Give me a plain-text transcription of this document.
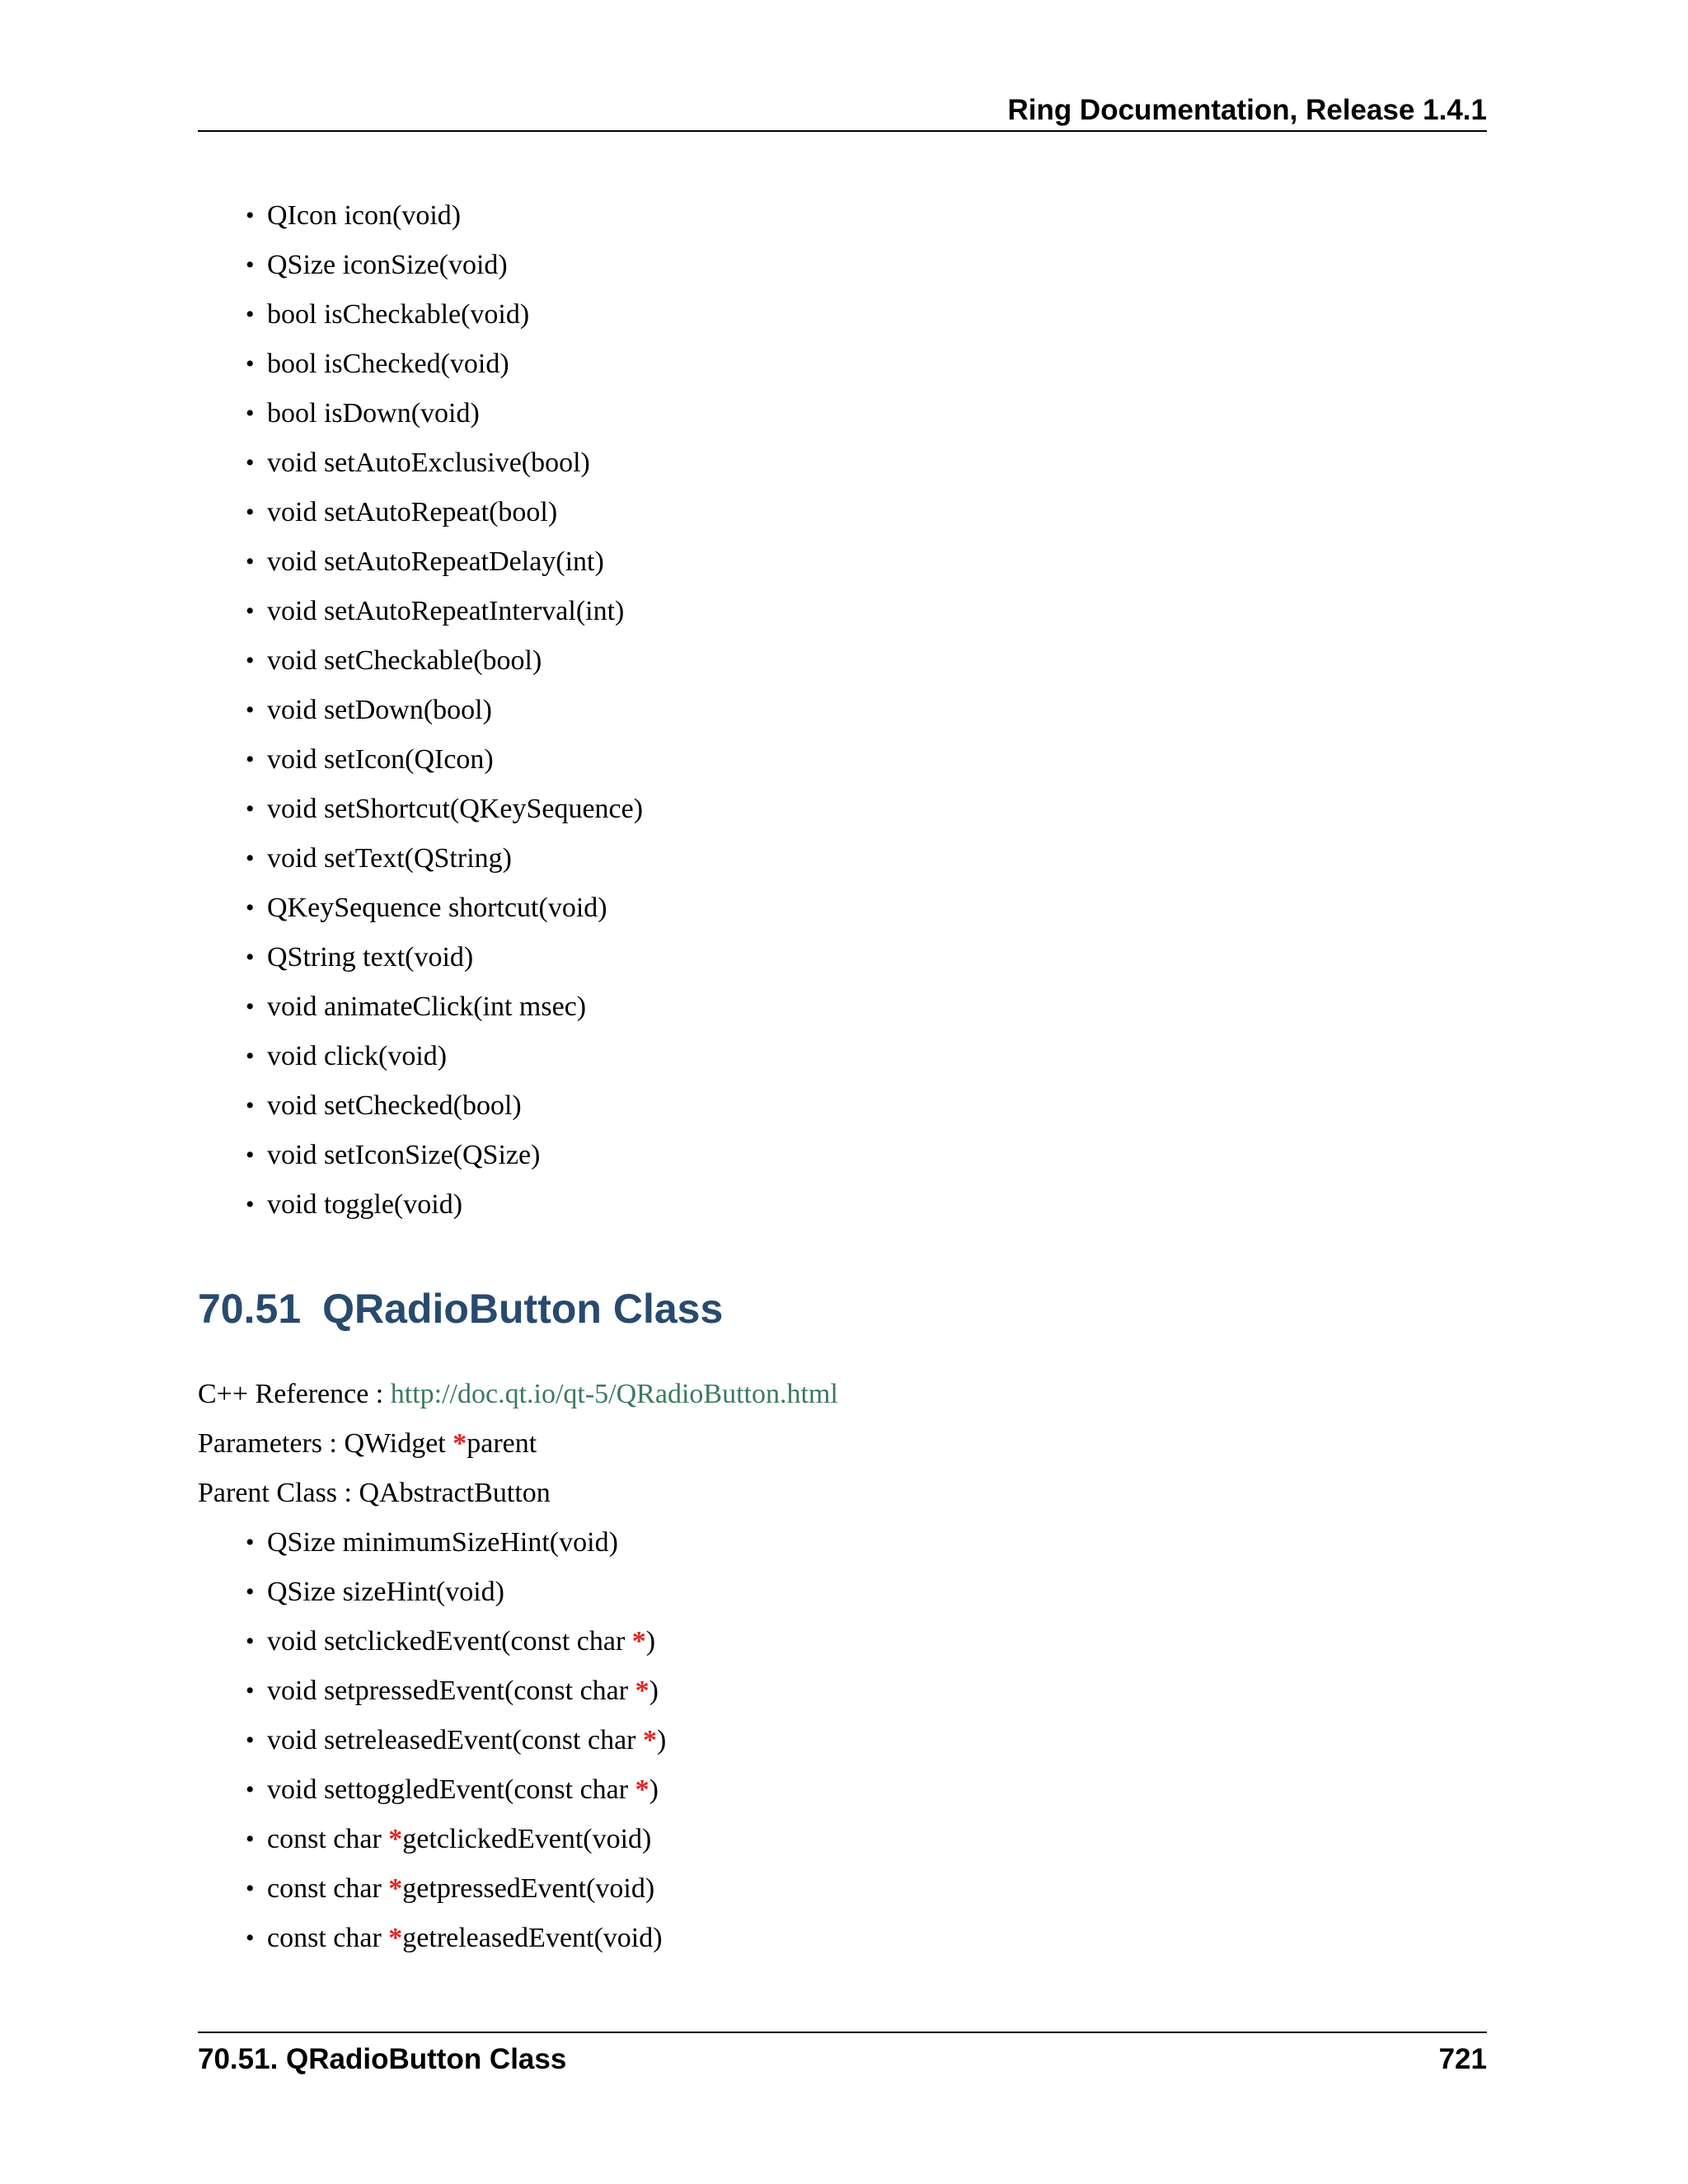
Ring Documentation, Release 1.4.1
• QIcon icon(void)
• QSize iconSize(void)
• bool isCheckable(void)
• bool isChecked(void)
• bool isDown(void)
• void setAutoExclusive(bool)
• void setAutoRepeat(bool)
• void setAutoRepeatDelay(int)
• void setAutoRepeatInterval(int)
• void setCheckable(bool)
• void setDown(bool)
• void setIcon(QIcon)
• void setShortcut(QKeySequence)
• void setText(QString)
• QKeySequence shortcut(void)
• QString text(void)
• void animateClick(int msec)
• void click(void)
• void setChecked(bool)
• void setIconSize(QSize)
• void toggle(void)
70.51 QRadioButton Class
C++ Reference : http://doc.qt.io/qt-5/QRadioButton.html
Parameters : QWidget *parent
Parent Class : QAbstractButton
• QSize minimumSizeHint(void)
• QSize sizeHint(void)
• void setclickedEvent(const char *)
• void setpressedEvent(const char *)
• void setreleasedEvent(const char *)
• void settoggledEvent(const char *)
• const char *getclickedEvent(void)
• const char *getpressedEvent(void)
• const char *getreleasedEvent(void)
70.51. QRadioButton Class	721
